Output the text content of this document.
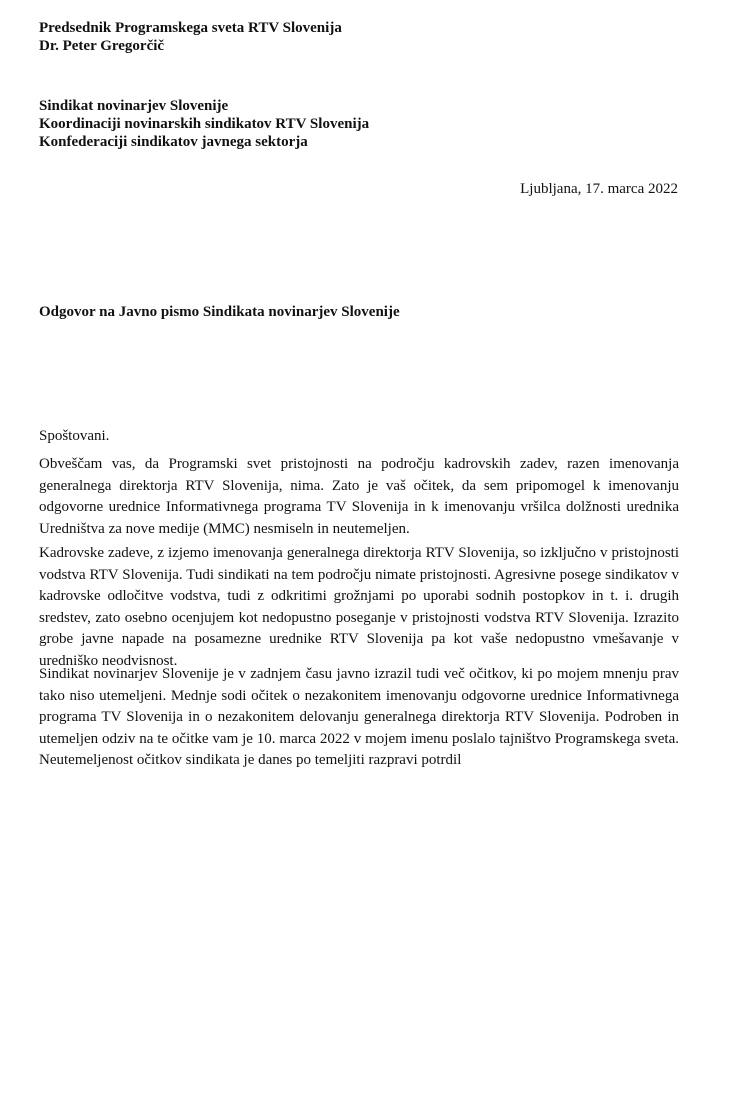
Predsednik Programskega sveta RTV Slovenija
Dr. Peter Gregorčič
Sindikat novinarjev Slovenije
Koordinaciji novinarskih sindikatov RTV Slovenija
Konfederaciji sindikatov javnega sektorja
Ljubljana, 17. marca 2022
Odgovor na Javno pismo Sindikata novinarjev Slovenije
Spoštovani.
Obveščam vas, da Programski svet pristojnosti na področju kadrovskih zadev, razen imenovanja generalnega direktorja RTV Slovenija, nima. Zato je vaš očitek, da sem pripomogel k imenovanju odgovorne urednice Informativnega programa TV Slovenija in k imenovanju vršilca dolžnosti urednika Uredništva za nove medije (MMC) nesmiseln in neutemeljen.
Kadrovske zadeve, z izjemo imenovanja generalnega direktorja RTV Slovenija, so izključno v pristojnosti vodstva RTV Slovenija. Tudi sindikati na tem področju nimate pristojnosti. Agresivne posege sindikatov v kadrovske odločitve vodstva, tudi z odkritimi grožnjami po uporabi sodnih postopkov in t. i. drugih sredstev, zato osebno ocenjujem kot nedopustno poseganje v pristojnosti vodstva RTV Slovenija. Izrazito grobe javne napade na posamezne urednike RTV Slovenija pa kot vaše nedopustno vmešavanje v uredniško neodvisnost.
Sindikat novinarjev Slovenije je v zadnjem času javno izrazil tudi več očitkov, ki po mojem mnenju prav tako niso utemeljeni. Mednje sodi očitek o nezakonitem imenovanju odgovorne urednice Informativnega programa TV Slovenija in o nezakonitem delovanju generalnega direktorja RTV Slovenija. Podroben in utemeljen odziv na te očitke vam je 10. marca 2022 v mojem imenu poslalo tajništvo Programskega sveta. Neutemeljenost očitkov sindikata je danes po temeljiti razpravi potrdil
